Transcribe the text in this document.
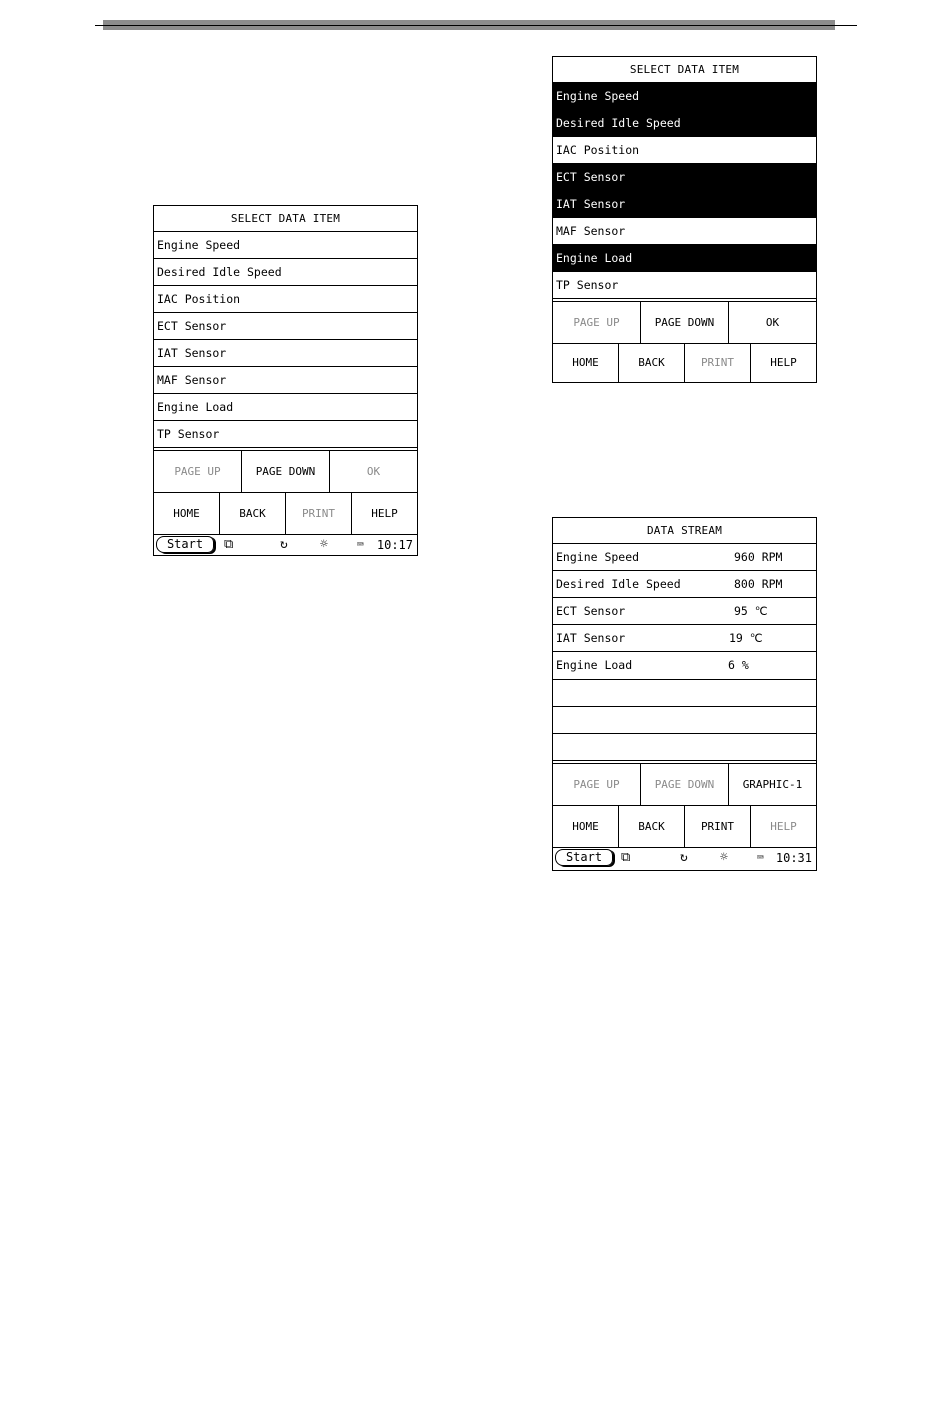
SELECT DATA ITEM
Engine Speed
Desired Idle Speed
IAC Position
ECT Sensor
IAT Sensor
MAF Sensor
Engine Load
TP Sensor
PAGE UP	PAGE DOWN	OK
HOME	BACK	PRINT	HELP
Start	⧉	↻ ☼	⌨ 10:17
SELECT DATA ITEM
Engine Speed
Desired Idle Speed
IAC Position
ECT Sensor
IAT Sensor
MAF Sensor
Engine Load
TP Sensor
PAGE UP	PAGE DOWN	OK
HOME	BACK	PRINT	HELP
DATA STREAM
Engine Speed	960 RPM
Desired Idle Speed	800 RPM
ECT Sensor	95 ℃
IAT Sensor	19 ℃
Engine Load	6 %
PAGE UP	PAGE DOWN	GRAPHIC-1
HOME	BACK	PRINT	HELP
Start	⧉	↻ ☼	⌨ 10:31
